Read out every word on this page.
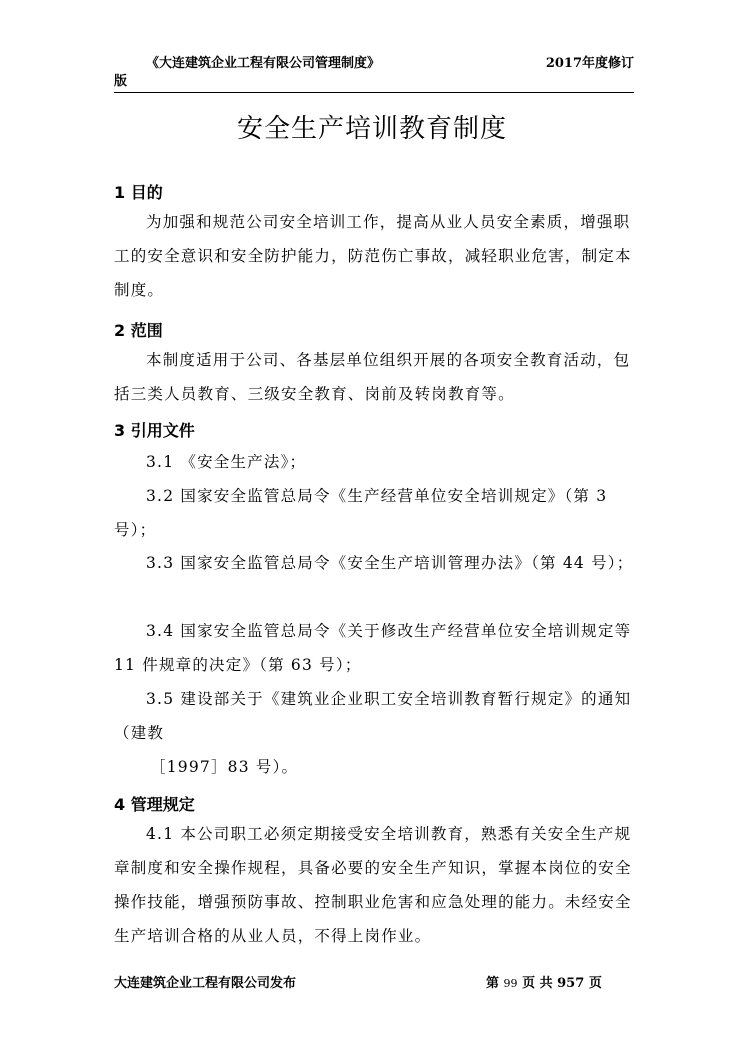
《大连建筑企业工程有限公司管理制度》	2017年度修订
版
安全生产培训教育制度
1 目的

为加强和规范公司安全培训工作，提高从业人员安全素质，增强职工的安全意识和安全防护能力，防范伤亡事故，减轻职业危害，制定本制度。

2 范围

本制度适用于公司、各基层单位组织开展的各项安全教育活动，包括三类人员教育、三级安全教育、岗前及转岗教育等。

3 引用文件

3.1 《安全生产法》；

3.2 国家安全监管总局令《生产经营单位安全培训规定》（第 3 号）；

3.3 国家安全监管总局令《安全生产培训管理办法》（第 44 号）；

3.4 国家安全监管总局令《关于修改生产经营单位安全培训规定等 11 件规章的决定》（第 63 号）；

3.5 建设部关于《建筑业企业职工安全培训教育暂行规定》的通知（建教

［1997］83 号）。

4 管理规定

4.1 本公司职工必须定期接受安全培训教育，熟悉有关安全生产规章制度和安全操作规程，具备必要的安全生产知识，掌握本岗位的安全操作技能，增强预防事故、控制职业危害和应急处理的能力。未经安全生产培训合格的从业人员，不得上岗作业。

大连建筑企业工程有限公司发布	第 99 页 共 957 页
